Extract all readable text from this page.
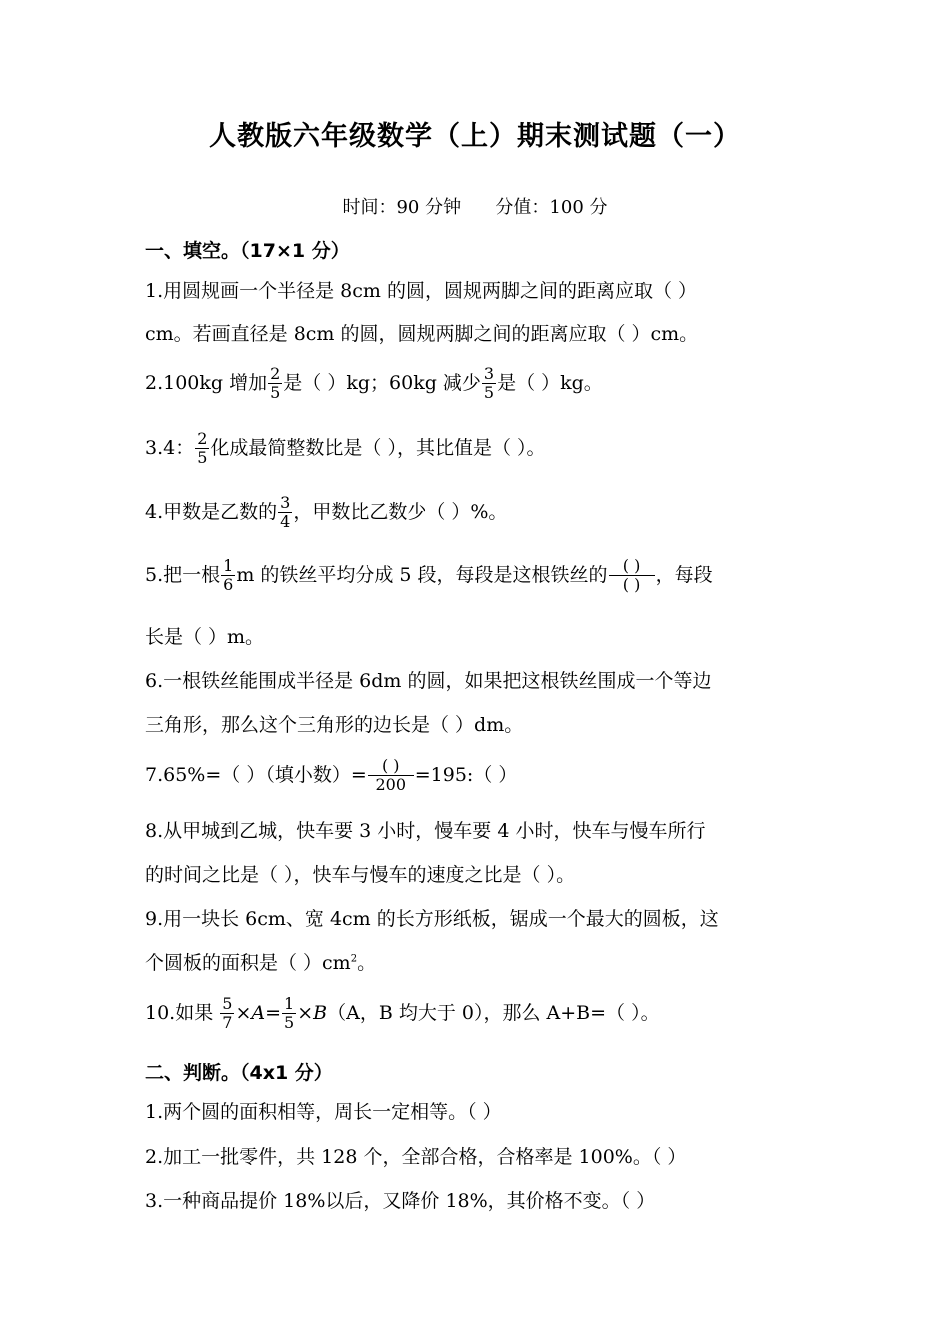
人教版六年级数学（上）期末测试题（一）
时间：90 分钟      分值：100 分
一、填空。（17×1 分）
1.用圆规画一个半径是 8cm 的圆，圆规两脚之间的距离应取（ ）
cm。若画直径是 8cm 的圆，圆规两脚之间的距离应取（ ）cm。
2.100kg 增加 $\frac{2}{5}$ 是（ ）kg；60kg 减少 $\frac{3}{5}$ 是（ ）kg。
3.4： $\frac{2}{5}$ 化成最简整数比是（ ），其比值是（ ）。
4.甲数是乙数的 $\frac{3}{4}$ ，甲数比乙数少（ ）%。
5.把一根 $\frac{1}{6}$ m 的铁丝平均分成 5 段，每段是这根铁丝的 $\frac{( )}{( )}$ ，每段
长是（ ）m。
6.一根铁丝能围成半径是 6dm 的圆，如果把这根铁丝围成一个等边
三角形，那么这个三角形的边长是（ ）dm。
7.65%=（ ）（填小数）= $\frac{( )}{200}$ =195:（ ）
8.从甲城到乙城，快车要 3 小时，慢车要 4 小时，快车与慢车所行
的时间之比是（ ），快车与慢车的速度之比是（ ）。
9.用一块长 6cm、宽 4cm 的长方形纸板，锯成一个最大的圆板，这
个圆板的面积是（ ）$cm^2$。
10.如果 $\frac{5}{7} \times A= \frac{1}{5} \times B(A$，B 均大于 0），那么 A+B=（ ）。
二、判断。（4x1 分）
1.两个圆的面积相等，周长一定相等。（ ）
2.加工一批零件，共 128 个，全部合格，合格率是 100%。（ ）
3.一种商品提价 18%以后，又降价 18%，其价格不变。（ ）
